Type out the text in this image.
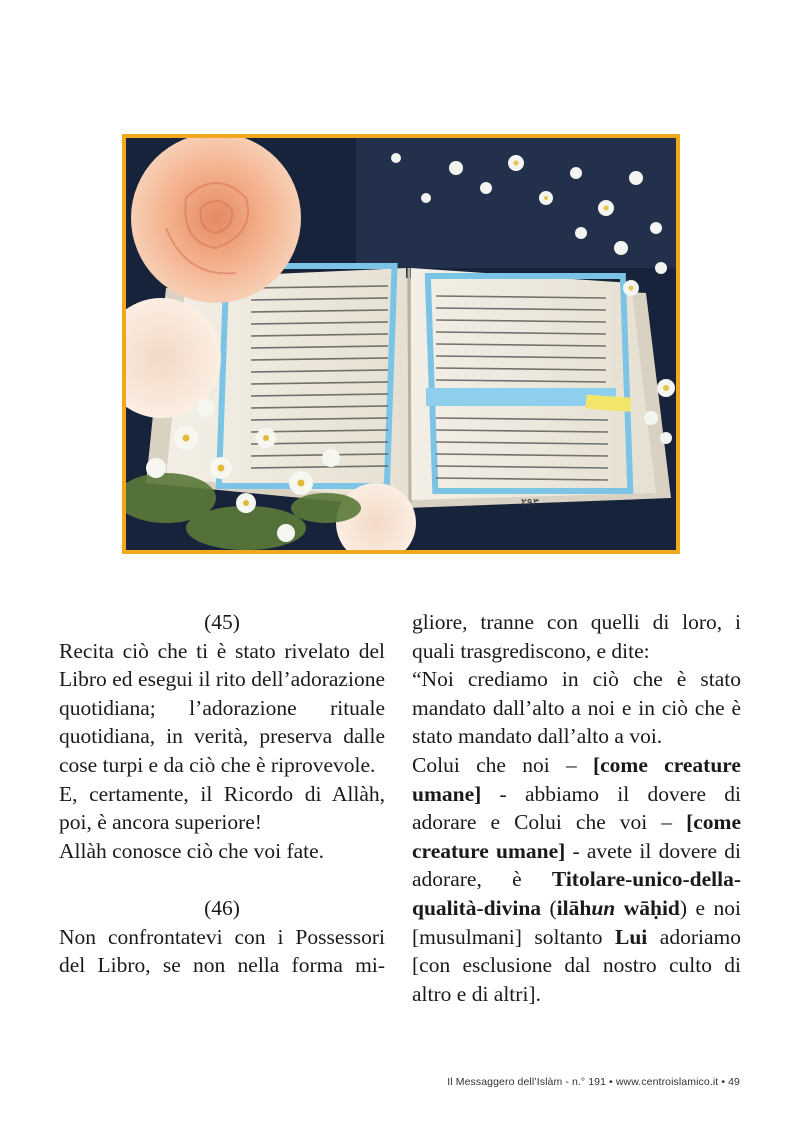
٢٩٣
(45)
Recita ciò che ti è stato rivelato del Libro ed esegui il rito dell’adorazione quotidiana; l’adorazione rituale quotidiana, in verità, preserva dalle cose turpi e da ciò che è riprovevole.
E, certamente, il Ricordo di Allàh, poi, è ancora superiore!
Allàh conosce ciò che voi fate.
(46)
Non confrontatevi con i Possessori del Libro, se non nella forma mi-
gliore, tranne con quelli di loro, i quali trasgrediscono, e dite:
“Noi crediamo in ciò che è stato mandato dall’alto a noi e in ciò che è stato mandato dall’alto a voi.
Colui che noi – [come creature umane] - abbiamo il dovere di adorare e Colui che voi – [come creature umane] - avete il dovere di adorare, è Titolare-unico-della-qualità-divina (ilāhun wāḥid) e noi [musulmani] soltanto Lui adoriamo [con esclusione dal nostro culto di altro e di altri].
Il Messaggero dell’Islàm - n.° 191 • www.centroislamico.it • 49
